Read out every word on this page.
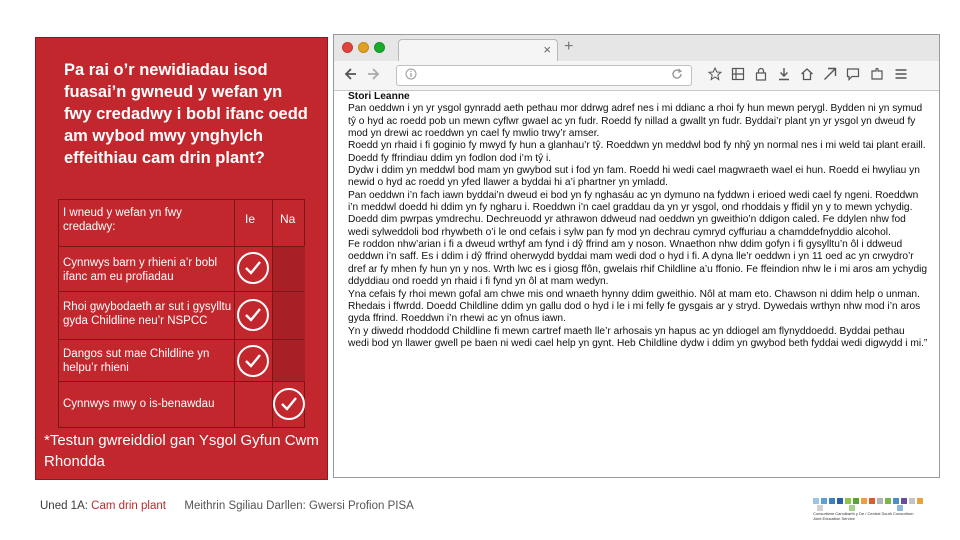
Pa rai o’r newidiadau isod fuasai’n gwneud y wefan yn fwy credadwy i bobl ifanc oedd am wybod mwy ynghylch effeithiau cam drin plant?
I wneud y wefan yn fwy credadwy:
Ie Na
Cynnwys barn y rhieni a’r bobl ifanc am eu profiadau
Rhoi gwybodaeth ar sut i gysylltu gyda Childline neu’r NSPCC
Dangos sut mae Childline yn helpu’r rhieni
Cynnwys mwy o is-benawdau
*Testun gwreiddiol gan Ysgol Gyfun Cwm Rhondda
× +
Stori Leanne
Pan oeddwn i yn yr ysgol gynradd aeth pethau mor ddrwg adref nes i mi ddianc a rhoi fy hun mewn perygl. Bydden ni yn symud tŷ o hyd ac roedd pob un mewn cyflwr gwael ac yn fudr. Roedd fy nillad a gwallt yn fudr. Byddai’r plant yn yr ysgol yn dweud fy mod yn drewi ac roeddwn yn cael fy mwlio trwy’r amser.
Roedd yn rhaid i fi goginio fy mwyd fy hun a glanhau’r tŷ. Roeddwn yn meddwl bod fy nhŷ yn normal nes i mi weld tai plant eraill. Doedd fy ffrindiau ddim yn fodlon dod i’m tŷ i.
Dydw i ddim yn meddwl bod mam yn gwybod sut i fod yn fam. Roedd hi wedi cael magwraeth wael ei hun. Roedd ei hwyliau yn newid o hyd ac roedd yn yfed llawer a byddai hi a’i phartner yn ymladd.
Pan oeddwn i’n fach iawn byddai’n dweud ei bod yn fy nghasáu ac yn dymuno na fyddwn i erioed wedi cael fy ngeni. Roeddwn i’n meddwl doedd hi ddim yn fy ngharu i. Roeddwn i’n cael graddau da yn yr ysgol, ond rhoddais y ffidil yn y to mewn ychydig. Doedd dim pwrpas ymdrechu. Dechreuodd yr athrawon ddweud nad oeddwn yn gweithio’n ddigon caled. Fe ddylen nhw fod wedi sylweddoli bod rhywbeth o’i le ond cefais i sylw pan fy mod yn dechrau cymryd cyffuriau a chamddefnyddio alcohol.
Fe roddon nhw’arian i fi a dweud wrthyf am fynd i dŷ ffrind am y noson. Wnaethon nhw ddim gofyn i fi gysylltu’n ôl i ddweud oeddwn i’n saff. Es i ddim i dŷ ffrind oherwydd byddai mam wedi dod o hyd i fi. A dyna lle’r oeddwn i yn 11 oed ac yn crwydro’r dref ar fy mhen fy hun yn y nos. Wrth lwc es i giosg ffôn, gwelais rhif Childline a’u ffonio. Fe ffeindion nhw le i mi aros am ychydig ddyddiau ond roedd yn rhaid i fi fynd yn ôl at mam wedyn.
Yna cefais fy rhoi mewn gofal am chwe mis ond wnaeth hynny ddim gweithio. Nôl at mam eto. Chawson ni ddim help o unman. Rhedais i ffwrdd. Doedd Childline ddim yn gallu dod o hyd i le i mi felly fe gysgais ar y stryd. Dywedais wrthyn nhw mod i’n aros gyda ffrind. Roeddwn i’n rhewi ac yn ofnus iawn.
Yn y diwedd rhoddodd Childline fi mewn cartref maeth lle’r arhosais yn hapus ac yn ddiogel am flynyddoedd. Byddai pethau wedi bod yn llawer gwell pe baen ni wedi cael help yn gynt. Heb Childline dydw i ddim yn gwybod beth fyddai wedi digwydd i mi.”
Uned 1A: Cam drin plant Meithrin Sgiliau Darllen: Gwersi Profion PISA
Consortiwm Canolbarth y De / Central South Consortium Joint Education Service
